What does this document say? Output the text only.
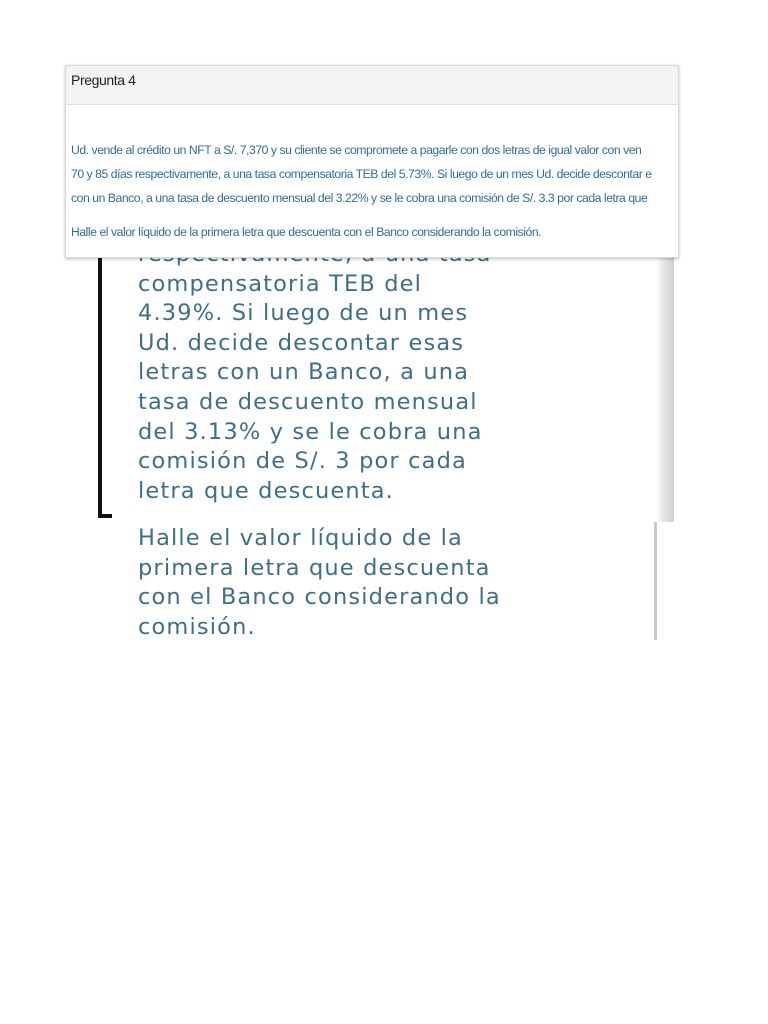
compensatoria TEB del
4.39%. Si luego de un mes
Ud. decide descontar esas
letras con un Banco, a una
tasa de descuento mensual
del 3.13% y se le cobra una
comisión de S/. 3 por cada
letra que descuenta.

Halle el valor líquido de la
primera letra que descuenta
con el Banco considerando la
comisión.

Pregunta 4

Ud. vende al crédito un NFT a S/. 7,370 y su cliente se compromete a pagarle con dos letras de igual valor con ven
70 y 85 días respectivamente, a una tasa compensatoria TEB del 5.73%. Si luego de un mes Ud. decide descontar e
con un Banco, a una tasa de descuento mensual del 3.22% y se le cobra una comisión de S/. 3.3 por cada letra que

Halle el valor líquido de la primera letra que descuenta con el Banco considerando la comisión.
